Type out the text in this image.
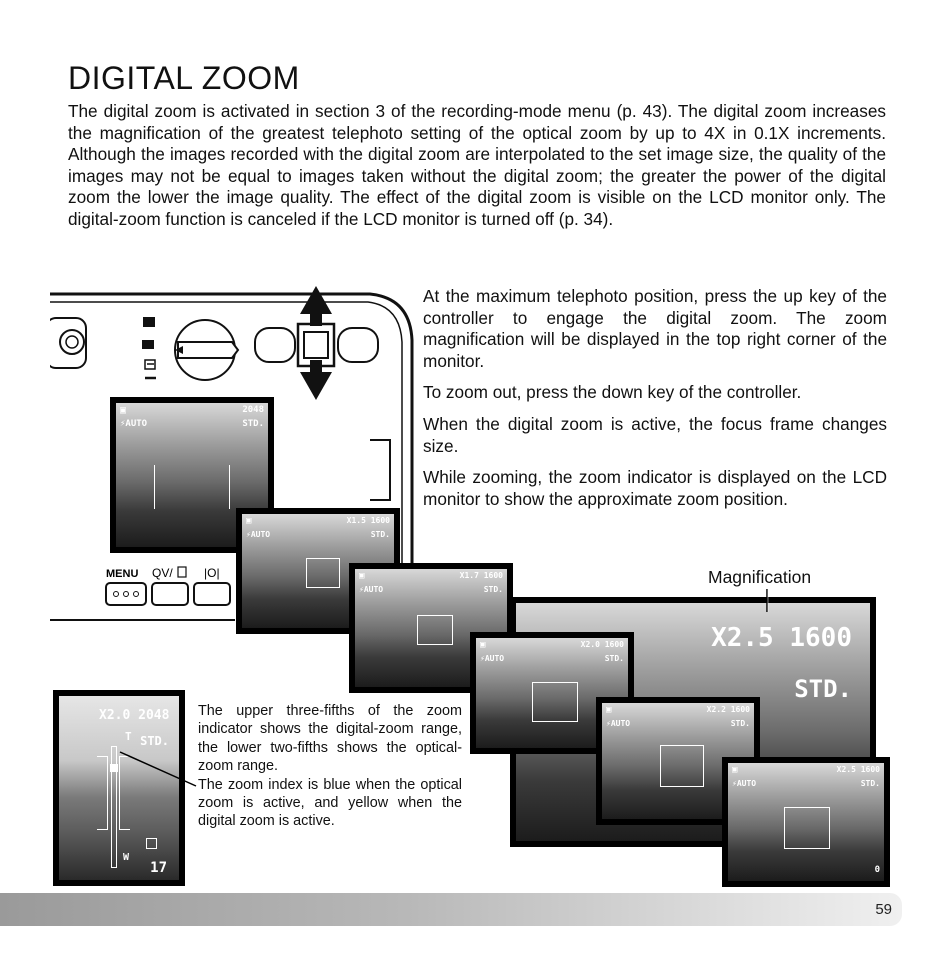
DIGITAL ZOOM
The digital zoom is activated in section 3 of the recording-mode menu (p. 43). The digital zoom increases the magnification of the greatest telephoto setting of the optical zoom by up to 4X in 0.1X increments. Although the images recorded with the digital zoom are interpolated to the set image size, the quality of the images may not be equal to images taken without the digital zoom; the greater the power of the digital zoom the lower the image quality. The effect of the digital zoom is visible on the LCD monitor only. The digital-zoom function is canceled if the LCD monitor is turned off (p. 34).
MENU QV/	|O|
▣
⚡AUTO
2048
STD.
▣
⚡AUTO
X1.5 1600
STD.
▣
⚡AUTO
X1.7 1600
STD.
X2.5 1600
STD.
▣
⚡AUTO
X2.0 1600
STD.
▣
⚡AUTO
X2.2 1600
STD.
▣
⚡AUTO
X2.5 1600
STD.
0
X2.0 2048
T STD.
W
17

At the maximum telephoto position, press the up key of the controller to engage the digital zoom. The zoom magnification will be displayed in the top right corner of the monitor.

To zoom out, press the down key of the controller.

When the digital zoom is active, the focus frame changes size.

While zooming, the zoom indicator is displayed on the LCD monitor to show the approximate zoom position.

Magnification

The upper three-fifths of the zoom indicator shows the digital-zoom range, the lower two-fifths shows the optical-zoom range.

The zoom index is blue when the optical zoom is active, and yellow when the digital zoom is active.

59
